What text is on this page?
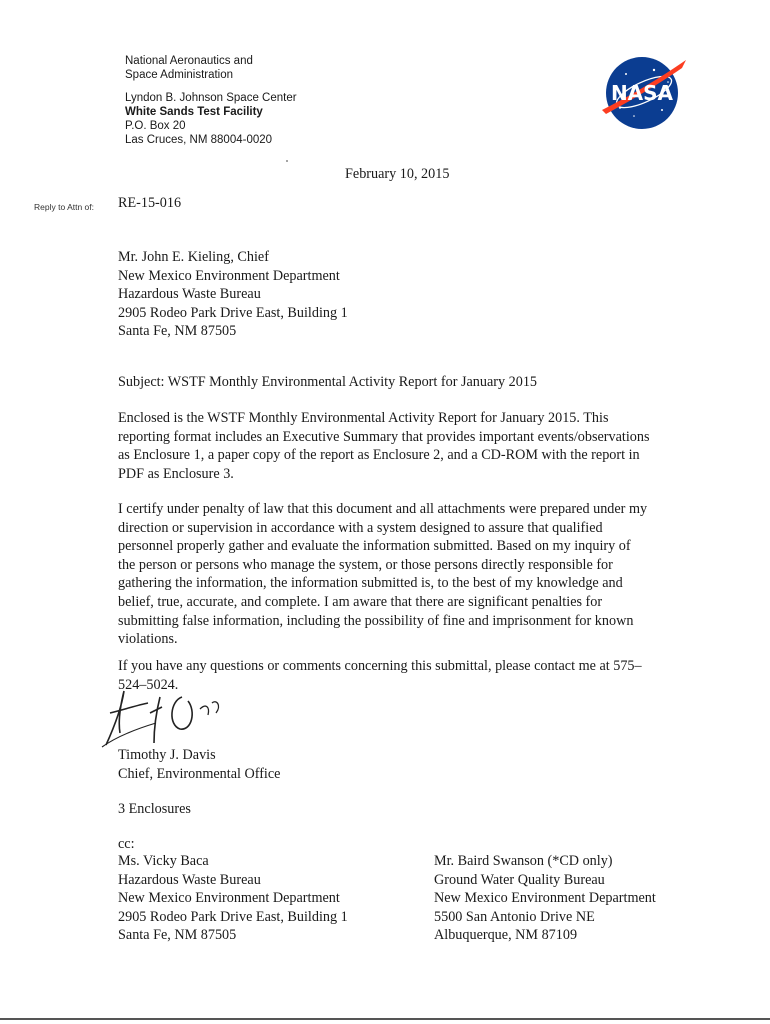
National Aeronautics and
Space Administration
Lyndon B. Johnson Space Center
White Sands Test Facility
P.O. Box 20
Las Cruces, NM 88004-0020
NASA
February 10, 2015
Reply to Attn of: RE-15-016
Mr. John E. Kieling, Chief
New Mexico Environment Department
Hazardous Waste Bureau
2905 Rodeo Park Drive East, Building 1
Santa Fe, NM 87505
Subject: WSTF Monthly Environmental Activity Report for January 2015
Enclosed is the WSTF Monthly Environmental Activity Report for January 2015. This
reporting format includes an Executive Summary that provides important events/observations
as Enclosure 1, a paper copy of the report as Enclosure 2, and a CD-ROM with the report in
PDF as Enclosure 3.
I certify under penalty of law that this document and all attachments were prepared under my
direction or supervision in accordance with a system designed to assure that qualified
personnel properly gather and evaluate the information submitted. Based on my inquiry of
the person or persons who manage the system, or those persons directly responsible for
gathering the information, the information submitted is, to the best of my knowledge and
belief, true, accurate, and complete. I am aware that there are significant penalties for
submitting false information, including the possibility of fine and imprisonment for known
violations.
If you have any questions or comments concerning this submittal, please contact me at 575–
524–5024.
Timothy J. Davis
Chief, Environmental Office
3 Enclosures
cc:
Ms. Vicky Baca
Hazardous Waste Bureau
New Mexico Environment Department
2905 Rodeo Park Drive East, Building 1
Santa Fe, NM 87505
Mr. Baird Swanson (*CD only)
Ground Water Quality Bureau
New Mexico Environment Department
5500 San Antonio Drive NE
Albuquerque, NM 87109
